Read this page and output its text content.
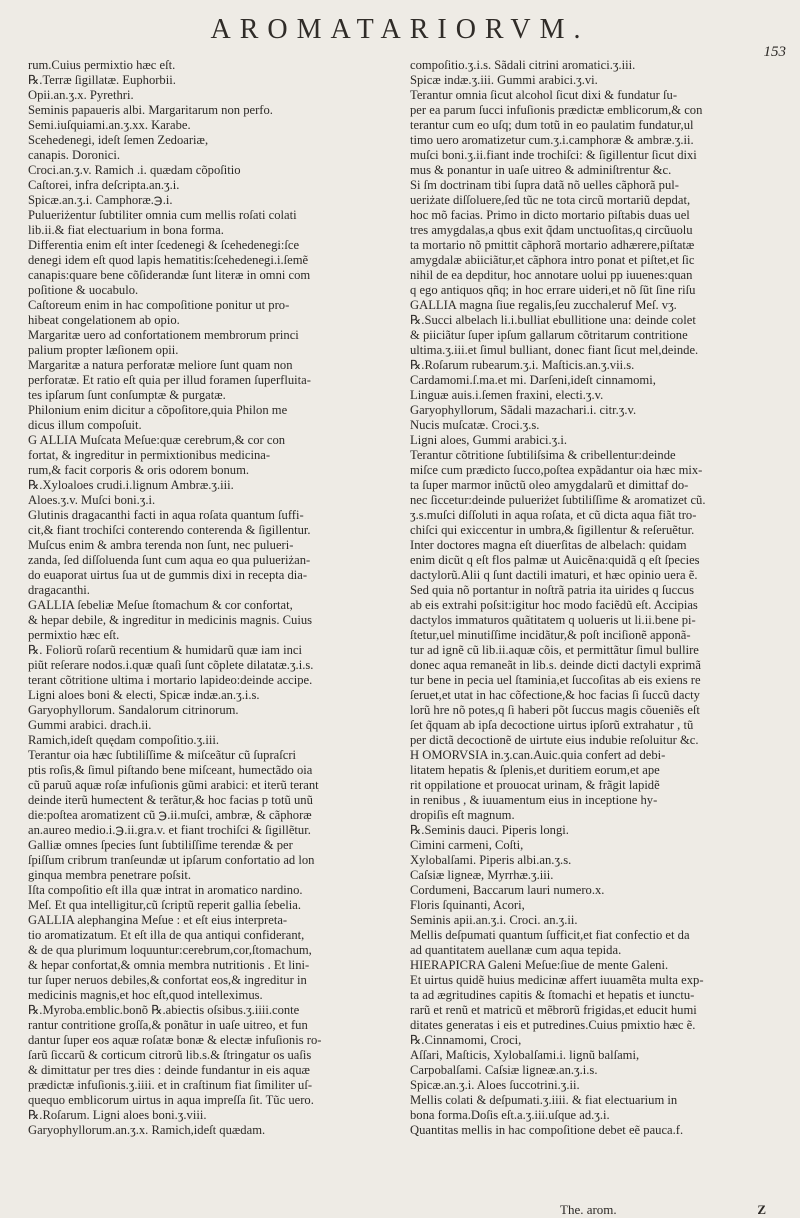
AROMATARIORVM.
153
rum.Cuius permixtio hæc eſt.
℞.Terræ ſigillatæ. Euphorbii.
Opii.an.ʒ.x. Pyrethri.
Seminis papaueris albi. Margaritarum non perfo.
Semi.iuſquiami.an.ʒ.xx. Karabe.
Scehedenegi, ideſt ſemen Zedoariæ,
canapis. Doronici.
Croci.an.ʒ.v. Ramich .i. quædam cõpoſitio
Caſtorei, infra deſcripta.an.ʒ.i.
Spicæ.an.ʒ.i. Camphoræ.℈.i.
Pulueriżentur ſubtiliter omnia cum mellis roſati colati
lib.ii.& fiat electuarium in bona forma.
Differentia enim eſt inter ſcedenegi & ſcehedenegi:ſce
denegi idem eſt quod lapis hematitis:ſcehedenegi.i.ſemẽ
canapis:quare bene cõſiderandæ ſunt literæ in omni com
poſitione & uocabulo.
Caſtoreum enim in hac compoſitione ponitur ut pro-
hibeat congelationem ab opio.
Margaritæ uero ad confortationem membrorum princi
palium propter læſionem opii.
Margaritæ a natura perforatæ meliore ſunt quam non
perforatæ. Et ratio eſt quia per illud foramen ſuperfluita-
tes ipſarum ſunt conſumptæ & purgatæ.
Philonium enim dicitur a cõpoſitore,quia Philon me
dicus illum compoſuit.
G ALLIA Muſcata Meſue:quæ cerebrum,& cor con
fortat, & ingreditur in permixtionibus medicina-
rum,& facit corporis & oris odorem bonum.
℞.Xyloaloes crudi.i.lignum Ambræ.ʒ.iii.
Aloes.ʒ.v. Muſci boni.ʒ.i.
Glutinis dragacanthi facti in aqua roſata quantum ſuffi-
cit,& fiant trochiſci conterendo conterenda & ſigillentur.
Muſcus enim & ambra terenda non ſunt, nec pulueri-
zanda, ſed diſſoluenda ſunt cum aqua eo qua pulueriżan-
do euaporat uirtus ſua ut de gummis dixi in recepta dia-
dragacanthi.
GALLIA ſebeliæ Meſue ſtomachum & cor confortat,
& hepar debile, & ingreditur in medicinis magnis. Cuius
permixtio hæc eſt.
℞. Foliorũ roſarũ recentium & humidarũ quæ iam inci
piũt reſerare nodos.i.quæ quaſi ſunt cõplete dilatatæ.ʒ.i.s.
terant cõtritione ultima i mortario lapideo:deinde accipe.
Ligni aloes boni & electi, Spicæ indæ.an.ʒ.i.s.
Garyophyllorum. Sandalorum citrinorum.
Gummi arabici. drach.ii.
Ramich,ideſt quędam compoſitio.ʒ.iii.
Terantur oia hæc ſubtiliſſime & miſceãtur cũ ſupraſcri
ptis roſis,& ſimul piſtando bene miſceant, humectãdo oia
cũ paruũ aquæ roſæ infuſionis gũmi arabici: et iterũ terant
deinde iterũ humectent & terãtur,& hoc facias p totũ unũ
die:poſtea aromatizent cũ ℈.ii.muſci, ambræ, & cãphoræ
an.aureo medio.i.℈.ii.gra.v. et fiant trochiſci & ſigillẽtur.
Galliæ omnes ſpecies ſunt ſubtiliſſime terendæ & per
ſpiſſum cribrum tranſeundæ ut ipſarum confortatio ad lon
ginqua membra penetrare poſsit.
Iſta compoſitio eſt illa quæ intrat in aromatico nardino.
Meſ. Et qua intelligitur,cũ ſcriptũ reperit gallia ſebelia.
GALLIA alephangina Meſue : et eſt eius interpreta-
tio aromatizatum. Et eſt illa de qua antiqui confiderant,
& de qua plurimum loquuntur:cerebrum,cor,ſtomachum,
& hepar confortat,& omnia membra nutritionis . Et lini-
tur ſuper neruos debiles,& confortat eos,& ingreditur in
medicinis magnis,et hoc eſt,quod intelleximus.
℞.Myroba.emblic.bonõ ℞.abiectis oſsibus.ʒ.iiii.conte
rantur contritione groſſa,& ponãtur in uaſe uitreo, et fun
dantur ſuper eos aquæ roſatæ bonæ & electæ infuſionis ro-
ſarũ ſiccarũ & corticum citrorũ lib.s.& ſtringatur os uaſis
& dimittatur per tres dies : deinde fundantur in eis aquæ
prædictæ infuſionis.ʒ.iiii. et in craſtinum fiat ſimiliter uſ-
quequo emblicorum uirtus in aqua impreſſa ſit. Tũc uero.
℞.Roſarum. Ligni aloes boni.ʒ.viii.
Garyophyllorum.an.ʒ.x. Ramich,ideſt quædam.
compoſitio.ʒ.i.s. Sãdali citrini aromatici.ʒ.iii.
Spicæ indæ.ʒ.iii. Gummi arabici.ʒ.vi.
Terantur omnia ſicut alcohol ſicut dixi & fundatur ſu-
per ea parum ſucci infuſionis prædictæ emblicorum,& con
terantur cum eo uſq; dum totũ in eo paulatim fundatur,ul
timo uero aromatizetur cum.ʒ.i.camphoræ & ambræ.ʒ.ii.
muſci boni.ʒ.ii.fiant inde trochiſci: & ſigillentur ſicut dixi
mus & ponantur in uaſe uitreo & adminiſtrentur &c.
Si ſm doctrinam tibi ſupra datã nõ uelles cãphorã pul-
ueriżate diſſoluere,ſed tũc ne tota circũ mortariũ depdat,
hoc mõ facias. Primo in dicto mortario piſtabis duas uel
tres amygdalas,a qbus exit q̃dam unctuoſitas,q circũuolu
ta mortario nõ pmittit cãphorã mortario adhærere,piſtatæ
amygdalæ abiiciãtur,et cãphora intro ponat et piſtet,et ſic
nihil de ea depditur, hoc annotare uolui pp iuuenes:quan
q ego antiquos qñq; in hoc errare uideri,et nõ ſũt ſine riſu
GALLIA magna ſiue regalis,ſeu zucchaleruf Meſ. vʒ.
℞.Succi albelach li.i.bulliat ebullitione una: deinde colet
& piiciãtur ſuper ipſum gallarum cõtritarum contritione
ultima.ʒ.iii.et ſimul bulliant, donec fiant ſicut mel,deinde.
℞.Roſarum rubearum.ʒ.i. Maſticis.an.ʒ.vii.s.
Cardamomi.ſ.ma.et mi. Darſeni,ideſt cinnamomi,
Linguæ auis.i.ſemen fraxini, electi.ʒ.v.
Garyophyllorum, Sãdali mazachari.i. citr.ʒ.v.
Nucis muſcatæ. Croci.ʒ.s.
Ligni aloes, Gummi arabici.ʒ.i.
Terantur cõtritione ſubtiliſsima & cribellentur:deinde
miſce cum prædicto ſucco,poſtea expãdantur oia hæc mix-
ta ſuper marmor inũctũ oleo amygdalarũ et dimittaf do-
nec ſiccetur:deinde pulueriżet ſubtiliſſime & aromatizet cũ.
ʒ.s.muſci diſſoluti in aqua roſata, et cũ dicta aqua fiãt tro-
chiſci qui exiccentur in umbra,& ſigillentur & reſeruẽtur.
Inter doctores magna eſt diuerſitas de albelach: quidam
enim dicũt q eſt flos palmæ ut Auicẽna:quidã q eſt ſpecies
dactylorũ.Alii q ſunt dactili imaturi, et hæc opinio uera ẽ.
Sed quia nõ portantur in noſtrã patria ita uirides q ſuccus
ab eis extrahi poſsit:igitur hoc modo faciẽdũ eſt. Accipias
dactylos immaturos quãtitatem q uolueris ut li.ii.bene pi-
ſtetur,uel minutiſſime incidãtur,& poſt inciſionẽ apponã-
tur ad ignẽ cũ lib.ii.aquæ cõis, et permittãtur ſimul bullire
donec aqua remaneãt in lib.s. deinde dicti dactyli exprimã
tur bene in pecia uel ſtaminia,et ſuccoſitas ab eis exiens re
ſeruet,et utat in hac cõfectione,& hoc facias ſi ſuccũ dacty
lorũ hre nõ potes,q ſi haberi põt ſuccus magis cõueniẽs eſt
ſet q̃quam ab ipſa decoctione uirtus ipſorũ extrahatur , tũ
per dictã decoctionẽ de uirtute eius indubie reſoluitur &c.
H OMORVSIA in.ʒ.can.Auic.quia confert ad debi-
litatem hepatis & ſplenis,et duritiem eorum,et ape
rit oppilatione et prouocat urinam, & frãgit lapidẽ
in renibus , & iuuamentum eius in inceptione hy-
dropiſis eſt magnum.
℞.Seminis dauci. Piperis longi.
Cimini carmeni, Coſti,
Xylobalſami. Piperis albi.an.ʒ.s.
Caſsiæ ligneæ, Myrrhæ.ʒ.iii.
Cordumeni, Baccarum lauri numero.x.
Floris ſquinanti, Acori,
Seminis apii.an.ʒ.i. Croci. an.ʒ.ii.
Mellis deſpumati quantum ſufficit,et fiat confectio et da
ad quantitatem auellanæ cum aqua tepida.
HIERAPICRA Galeni Meſue:ſiue de mente Galeni.
Et uirtus quidẽ huius medicinæ affert iuuamẽta multa exp-
ta ad ægritudines capitis & ſtomachi et hepatis et iunctu-
rarũ et renũ et matricũ et mẽbrorũ frigidas,et educit humi
ditates generatas i eis et putredines.Cuius pmixtio hæc ẽ.
℞.Cinnamomi, Croci,
Aſſari, Maſticis, Xylobalſami.i. lignũ balſami,
Carpobalſami. Caſsiæ ligneæ.an.ʒ.i.s.
Spicæ.an.ʒ.i. Aloes ſuccotrini.ʒ.ii.
Mellis colati & deſpumati.ʒ.iiii. & fiat electuarium in
bona forma.Doſis eſt.a.ʒ.iii.uſque ad.ʒ.i.
Quantitas mellis in hac compoſitione debet eẽ pauca.f.
The. arom.	Z
